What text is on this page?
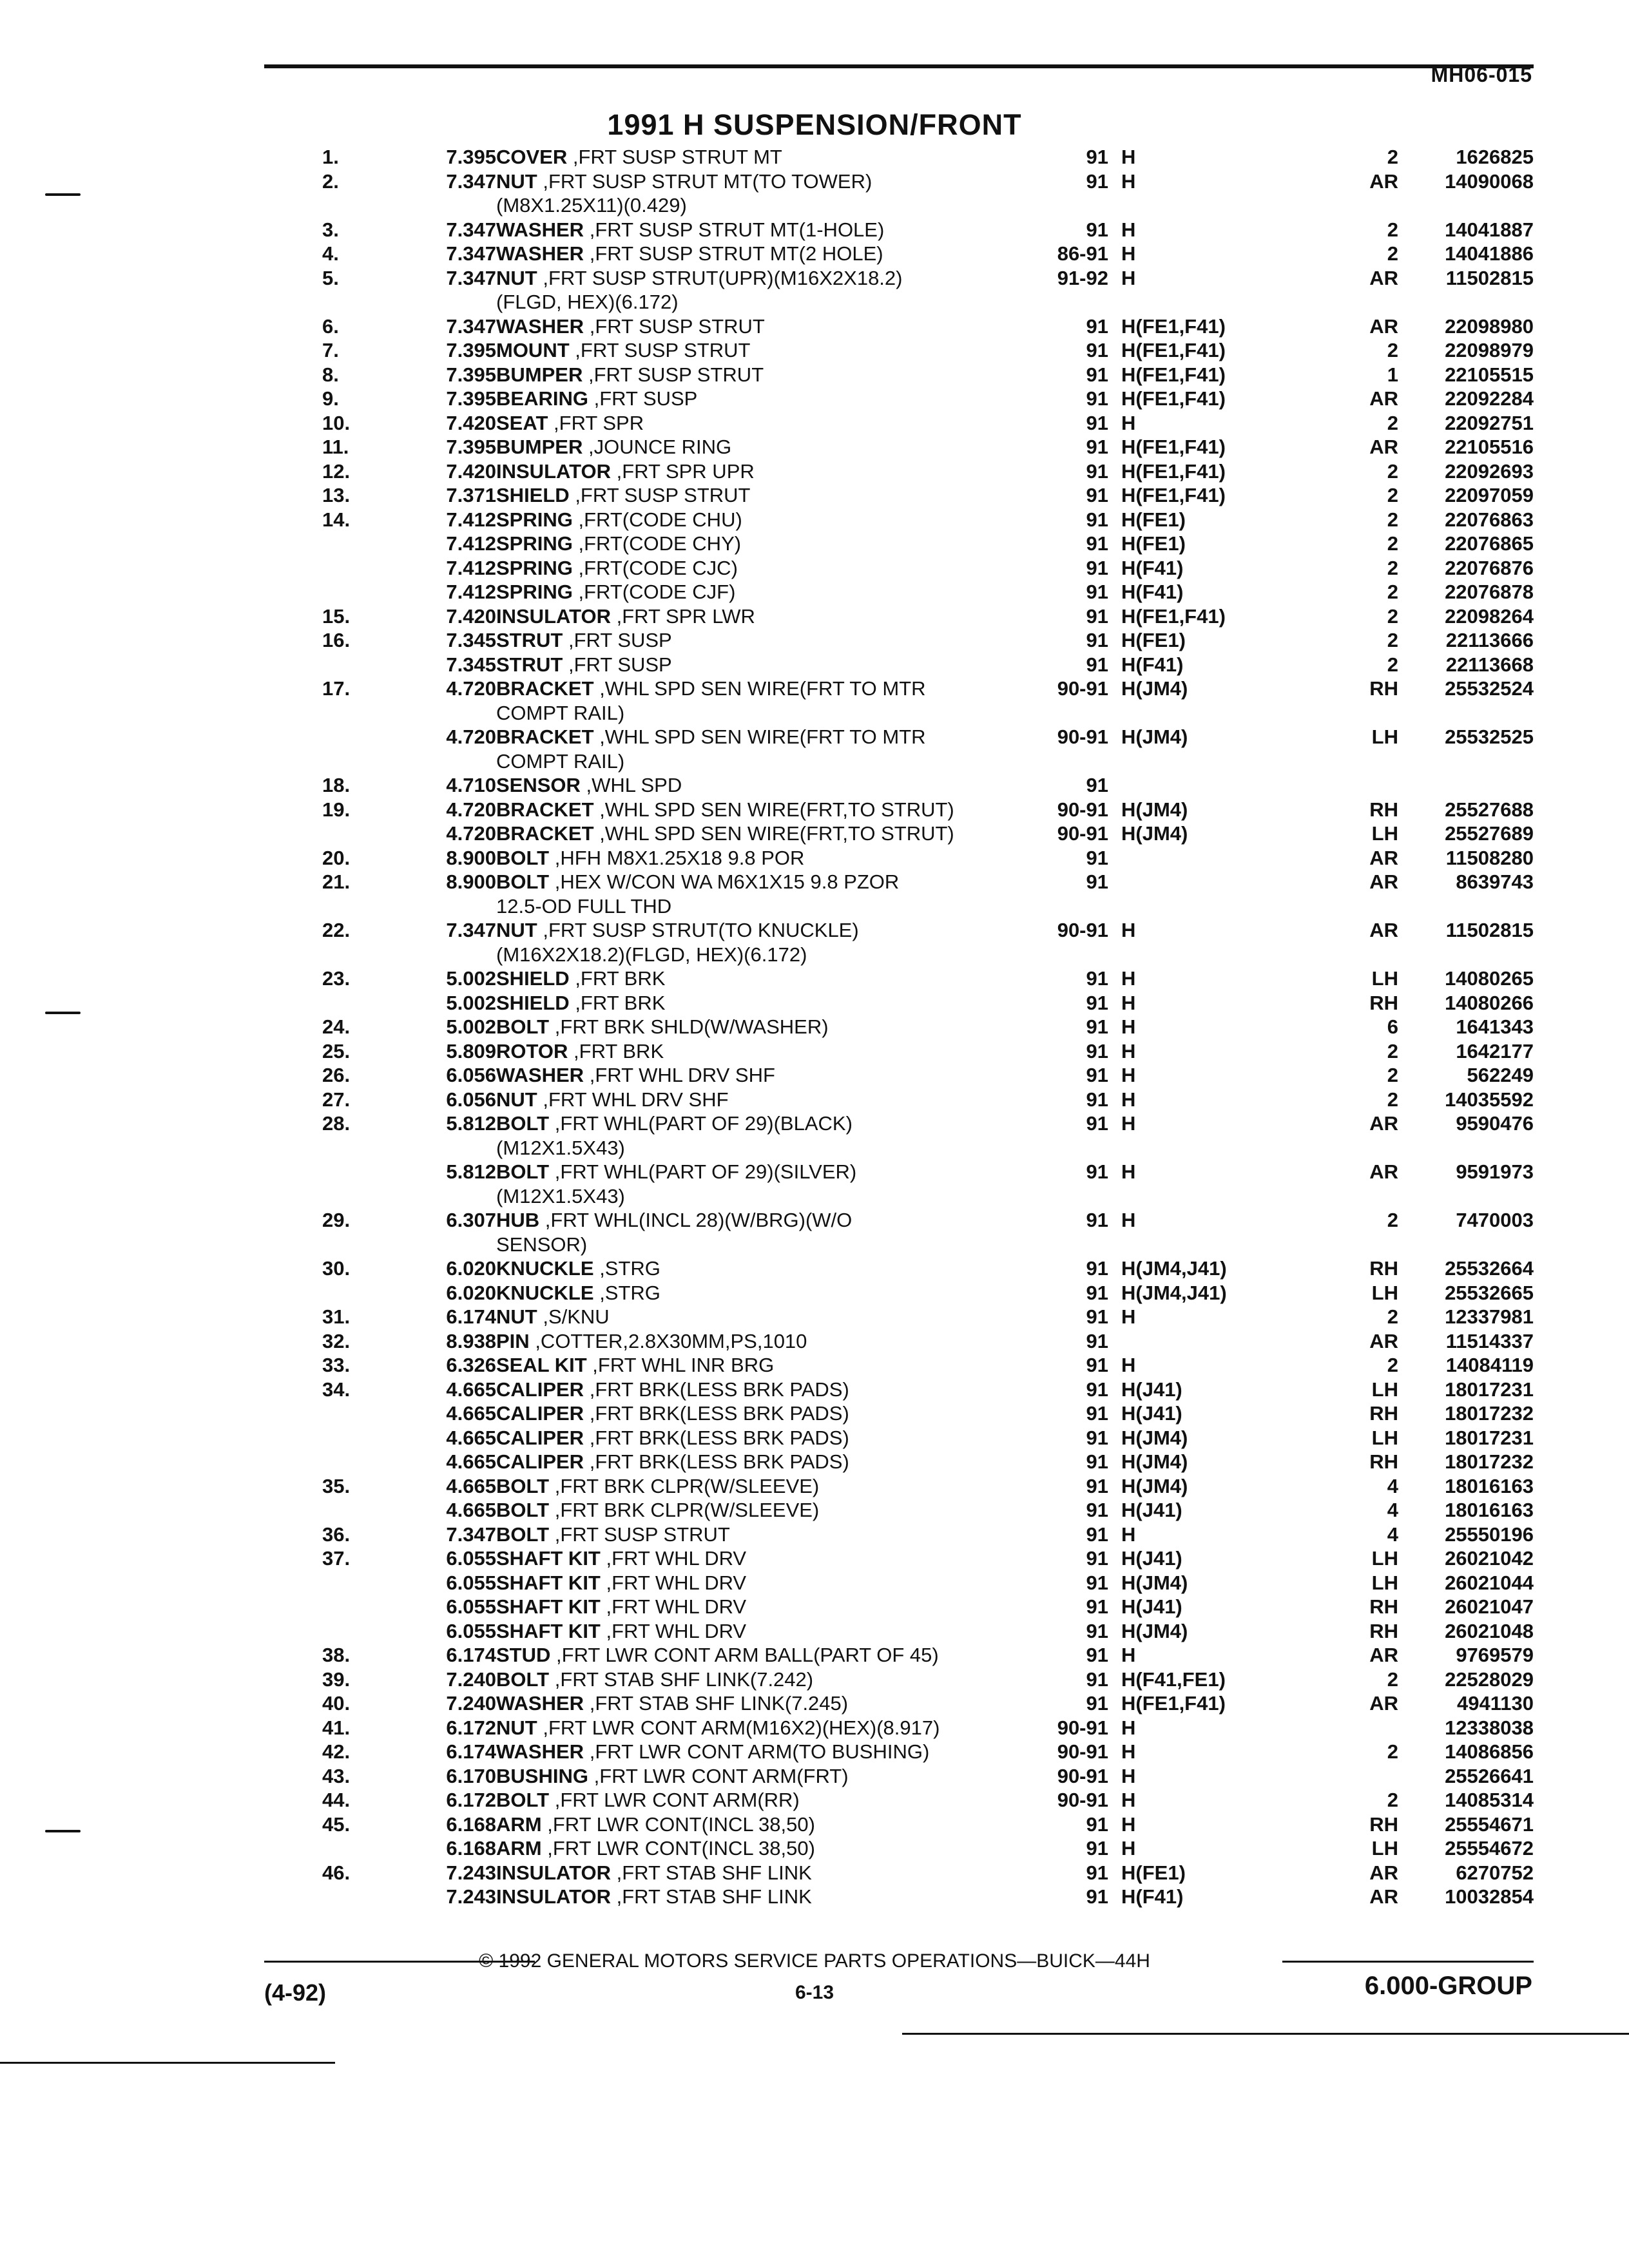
MH06-015
1991 H SUSPENSION/FRONT
1.	7.395 COVER ,FRT SUSP STRUT MT	91 H	2	1626825
2.	7.347 NUT ,FRT SUSP STRUT MT(TO TOWER)	91 H	AR	14090068
(M8X1.25X11)(0.429)
3.	7.347 WASHER ,FRT SUSP STRUT MT(1-HOLE)	91 H	2	14041887
4.	7.347 WASHER ,FRT SUSP STRUT MT(2 HOLE)	86-91 H	2	14041886
5.	7.347 NUT ,FRT SUSP STRUT(UPR)(M16X2X18.2)	91-92 H	AR	11502815
(FLGD, HEX)(6.172)
6.	7.347 WASHER ,FRT SUSP STRUT	91 H(FE1,F41)	AR	22098980
7.	7.395 MOUNT ,FRT SUSP STRUT	91 H(FE1,F41)	2	22098979
8.	7.395 BUMPER ,FRT SUSP STRUT	91 H(FE1,F41)	1	22105515
9.	7.395 BEARING ,FRT SUSP	91 H(FE1,F41)	AR	22092284
10.	7.420 SEAT ,FRT SPR	91 H	2	22092751
11.	7.395 BUMPER ,JOUNCE RING	91 H(FE1,F41)	AR	22105516
12.	7.420 INSULATOR ,FRT SPR UPR	91 H(FE1,F41)	2	22092693
13.	7.371 SHIELD ,FRT SUSP STRUT	91 H(FE1,F41)	2	22097059
14.	7.412 SPRING ,FRT(CODE CHU)	91 H(FE1)	2	22076863
7.412 SPRING ,FRT(CODE CHY)	91 H(FE1)	2	22076865
7.412 SPRING ,FRT(CODE CJC)	91 H(F41)	2	22076876
7.412 SPRING ,FRT(CODE CJF)	91 H(F41)	2	22076878
15.	7.420 INSULATOR ,FRT SPR LWR	91 H(FE1,F41)	2	22098264
16.	7.345 STRUT ,FRT SUSP	91 H(FE1)	2	22113666
7.345 STRUT ,FRT SUSP	91 H(F41)	2	22113668
17.	4.720 BRACKET ,WHL SPD SEN WIRE(FRT TO MTR	90-91 H(JM4)	RH	25532524
COMPT RAIL)
4.720 BRACKET ,WHL SPD SEN WIRE(FRT TO MTR	90-91 H(JM4)	LH	25532525
COMPT RAIL)
18.	4.710 SENSOR ,WHL SPD	91
19.	4.720 BRACKET ,WHL SPD SEN WIRE(FRT,TO STRUT)	90-91 H(JM4)	RH	25527688
4.720 BRACKET ,WHL SPD SEN WIRE(FRT,TO STRUT)	90-91 H(JM4)	LH	25527689
20.	8.900 BOLT ,HFH M8X1.25X18 9.8 POR	91	AR	11508280
21.	8.900 BOLT ,HEX W/CON WA M6X1X15 9.8 PZOR	91	AR	8639743
12.5-OD FULL THD
22.	7.347 NUT ,FRT SUSP STRUT(TO KNUCKLE)	90-91 H	AR	11502815
(M16X2X18.2)(FLGD, HEX)(6.172)
23.	5.002 SHIELD ,FRT BRK	91 H	LH	14080265
5.002 SHIELD ,FRT BRK	91 H	RH	14080266
24.	5.002 BOLT ,FRT BRK SHLD(W/WASHER)	91 H	6	1641343
25.	5.809 ROTOR ,FRT BRK	91 H	2	1642177
26.	6.056 WASHER ,FRT WHL DRV SHF	91 H	2	562249
27.	6.056 NUT ,FRT WHL DRV SHF	91 H	2	14035592
28.	5.812 BOLT ,FRT WHL(PART OF 29)(BLACK)	91 H	AR	9590476
(M12X1.5X43)
5.812 BOLT ,FRT WHL(PART OF 29)(SILVER)	91 H	AR	9591973
(M12X1.5X43)
29.	6.307 HUB ,FRT WHL(INCL 28)(W/BRG)(W/O	91 H	2	7470003
SENSOR)
30.	6.020 KNUCKLE ,STRG	91 H(JM4,J41)	RH	25532664
6.020 KNUCKLE ,STRG	91 H(JM4,J41)	LH	25532665
31.	6.174 NUT ,S/KNU	91 H	2	12337981
32.	8.938 PIN ,COTTER,2.8X30MM,PS,1010	91	AR	11514337
33.	6.326 SEAL KIT ,FRT WHL INR BRG	91 H	2	14084119
34.	4.665 CALIPER ,FRT BRK(LESS BRK PADS)	91 H(J41)	LH	18017231
4.665 CALIPER ,FRT BRK(LESS BRK PADS)	91 H(J41)	RH	18017232
4.665 CALIPER ,FRT BRK(LESS BRK PADS)	91 H(JM4)	LH	18017231
4.665 CALIPER ,FRT BRK(LESS BRK PADS)	91 H(JM4)	RH	18017232
35.	4.665 BOLT ,FRT BRK CLPR(W/SLEEVE)	91 H(JM4)	4	18016163
4.665 BOLT ,FRT BRK CLPR(W/SLEEVE)	91 H(J41)	4	18016163
36.	7.347 BOLT ,FRT SUSP STRUT	91 H	4	25550196
37.	6.055 SHAFT KIT ,FRT WHL DRV	91 H(J41)	LH	26021042
6.055 SHAFT KIT ,FRT WHL DRV	91 H(JM4)	LH	26021044
6.055 SHAFT KIT ,FRT WHL DRV	91 H(J41)	RH	26021047
6.055 SHAFT KIT ,FRT WHL DRV	91 H(JM4)	RH	26021048
38.	6.174 STUD ,FRT LWR CONT ARM BALL(PART OF 45)	91 H	AR	9769579
39.	7.240 BOLT ,FRT STAB SHF LINK(7.242)	91 H(F41,FE1)	2	22528029
40.	7.240 WASHER ,FRT STAB SHF LINK(7.245)	91 H(FE1,F41)	AR	4941130
41.	6.172 NUT ,FRT LWR CONT ARM(M16X2)(HEX)(8.917)	90-91 H	12338038
42.	6.174 WASHER ,FRT LWR CONT ARM(TO BUSHING)	90-91 H	2	14086856
43.	6.170 BUSHING ,FRT LWR CONT ARM(FRT)	90-91 H	25526641
44.	6.172 BOLT ,FRT LWR CONT ARM(RR)	90-91 H	2	14085314
45.	6.168 ARM ,FRT LWR CONT(INCL 38,50)	91 H	RH	25554671
6.168 ARM ,FRT LWR CONT(INCL 38,50)	91 H	LH	25554672
46.	7.243 INSULATOR ,FRT STAB SHF LINK	91 H(FE1)	AR	6270752
7.243 INSULATOR ,FRT STAB SHF LINK	91 H(F41)	AR	10032854
© 1992 GENERAL MOTORS SERVICE PARTS OPERATIONS—BUICK—44H
(4-92)	6-13	6.000-GROUP
